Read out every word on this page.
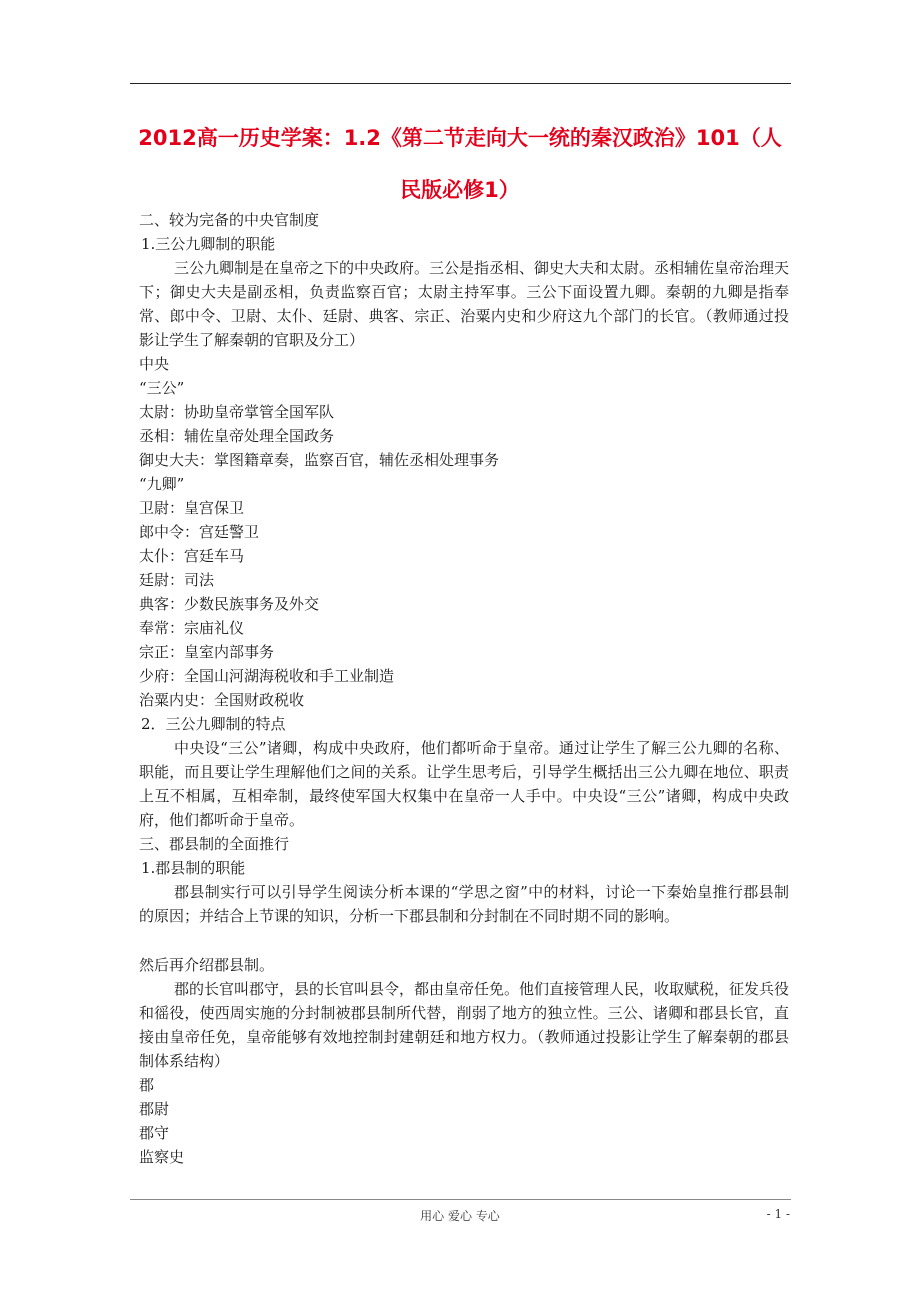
2012高一历史学案：1.2《第二节走向大一统的秦汉政治》101（人民版必修1）
二、较为完备的中央官制度
1.三公九卿制的职能
三公九卿制是在皇帝之下的中央政府。三公是指丞相、御史大夫和太尉。丞相辅佐皇帝治理天下；御史大夫是副丞相，负责监察百官；太尉主持军事。三公下面设置九卿。秦朝的九卿是指奉常、郎中令、卫尉、太仆、廷尉、典客、宗正、治粟内史和少府这九个部门的长官。（教师通过投影让学生了解秦朝的官职及分工）
中央
“三公”
太尉：协助皇帝掌管全国军队
丞相：辅佐皇帝处理全国政务
御史大夫：掌图籍章奏，监察百官，辅佐丞相处理事务
“九卿”
卫尉：皇宫保卫
郎中令：宫廷警卫
太仆：宫廷车马
廷尉：司法
典客：少数民族事务及外交
奉常：宗庙礼仪
宗正：皇室内部事务
少府：全国山河湖海税收和手工业制造
治粟内史：全国财政税收
2．三公九卿制的特点
中央设“三公”诸卿，构成中央政府，他们都听命于皇帝。通过让学生了解三公九卿的名称、职能，而且要让学生理解他们之间的关系。让学生思考后，引导学生概括出三公九卿在地位、职责上互不相属，互相牵制，最终使军国大权集中在皇帝一人手中。中央设“三公”诸卿，构成中央政府，他们都听命于皇帝。
三、郡县制的全面推行
1.郡县制的职能
郡县制实行可以引导学生阅读分析本课的“学思之窗”中的材料，讨论一下秦始皇推行郡县制的原因；并结合上节课的知识，分析一下郡县制和分封制在不同时期不同的影响。
然后再介绍郡县制。
郡的长官叫郡守，县的长官叫县令，都由皇帝任免。他们直接管理人民，收取赋税，征发兵役和徭役，使西周实施的分封制被郡县制所代替，削弱了地方的独立性。三公、诸卿和郡县长官，直接由皇帝任免，皇帝能够有效地控制封建朝廷和地方权力。（教师通过投影让学生了解秦朝的郡县制体系结构）
郡
郡尉
郡守
监察史
用心 爱心 专心	- 1 -
